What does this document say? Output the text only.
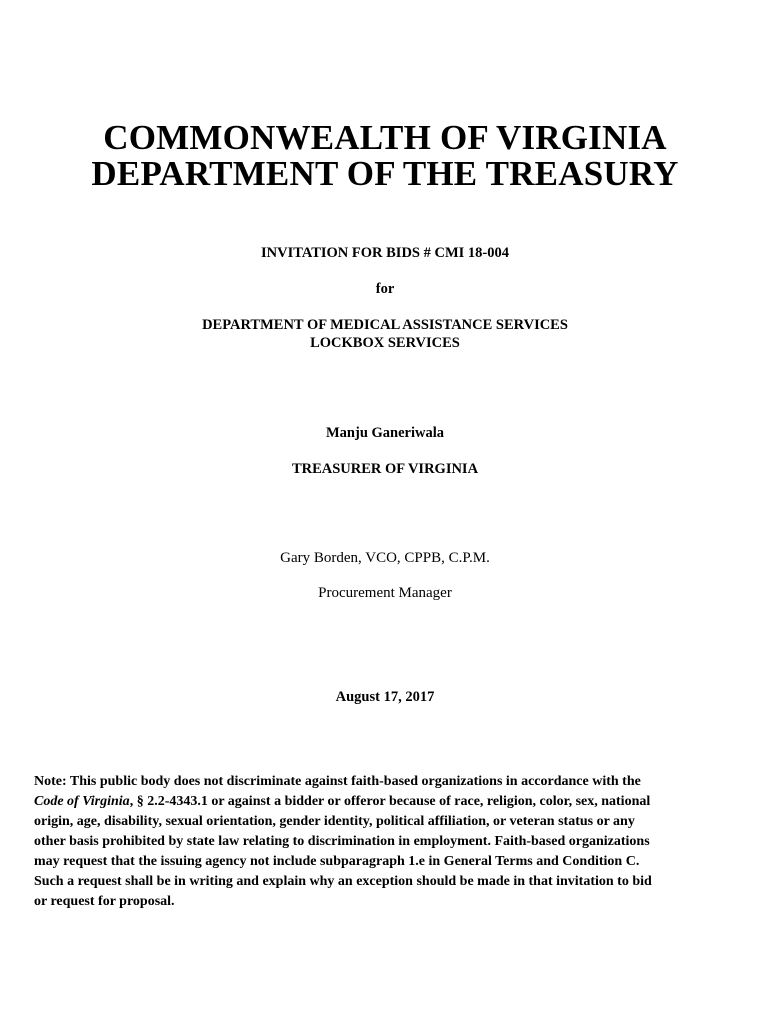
COMMONWEALTH OF VIRGINIA
DEPARTMENT OF THE TREASURY
INVITATION FOR BIDS # CMI 18-004
for
DEPARTMENT OF MEDICAL ASSISTANCE SERVICES
LOCKBOX SERVICES
Manju Ganeriwala
TREASURER OF VIRGINIA
Gary Borden, VCO, CPPB, C.P.M.
Procurement Manager
August 17, 2017
Note: This public body does not discriminate against faith-based organizations in accordance with the
Code of Virginia, § 2.2-4343.1 or against a bidder or offeror because of race, religion, color, sex, national
origin, age, disability, sexual orientation, gender identity, political affiliation, or veteran status or any
other basis prohibited by state law relating to discrimination in employment. Faith-based organizations
may request that the issuing agency not include subparagraph 1.e in General Terms and Condition C.
Such a request shall be in writing and explain why an exception should be made in that invitation to bid
or request for proposal.
